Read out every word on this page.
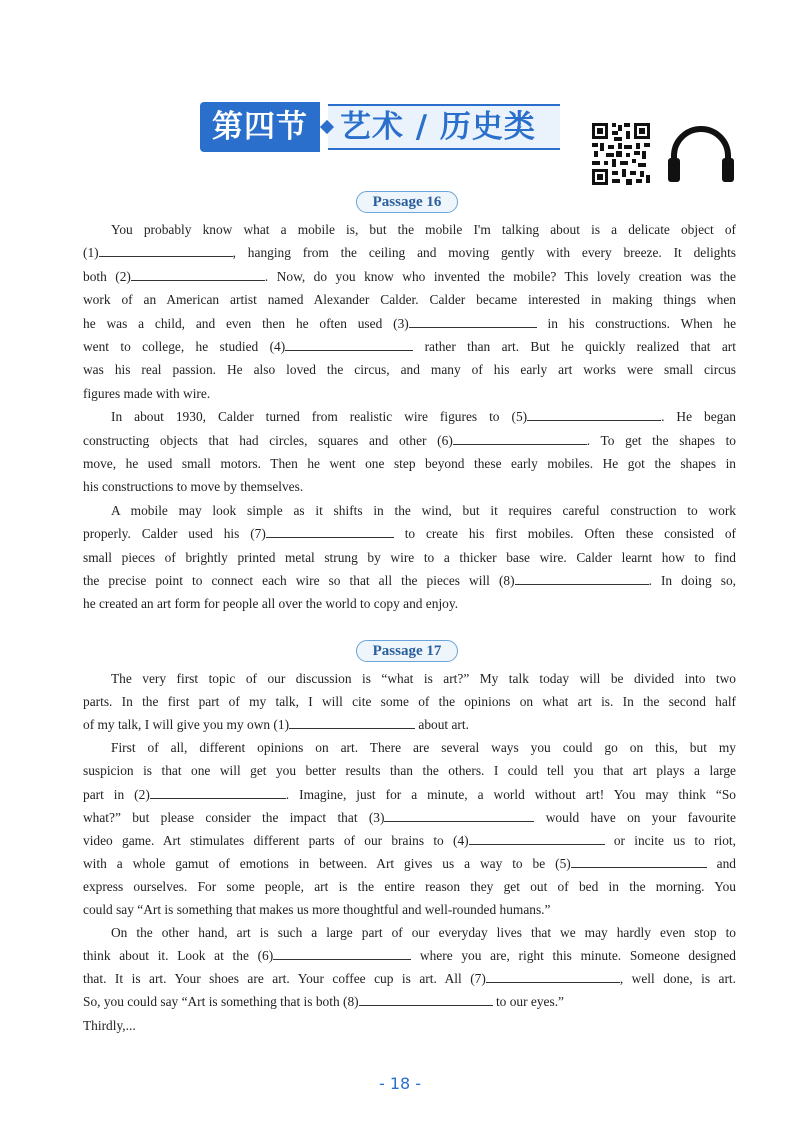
第四节	艺术 / 历史类
Passage 16
You probably know what a mobile is, but the mobile I'm talking about is a delicate object of
(1)	, hanging from the ceiling and moving gently with every breeze. It delights
both (2)	. Now, do you know who invented the mobile? This lovely creation was the
work of an American artist named Alexander Calder. Calder became interested in making things when
he was a child, and even then he often used (3)	in his constructions. When he
went to college, he studied (4)	rather than art. But he quickly realized that art
was his real passion. He also loved the circus, and many of his early art works were small circus
figures made with wire.
In about 1930, Calder turned from realistic wire figures to (5)	. He began
constructing objects that had circles, squares and other (6)	. To get the shapes to
move, he used small motors. Then he went one step beyond these early mobiles. He got the shapes in
his constructions to move by themselves.
A mobile may look simple as it shifts in the wind, but it requires careful construction to work
properly. Calder used his (7)	to create his first mobiles. Often these consisted of
small pieces of brightly printed metal strung by wire to a thicker base wire. Calder learnt how to find
the precise point to connect each wire so that all the pieces will (8)	. In doing so,
he created an art form for people all over the world to copy and enjoy.
Passage 17
The very first topic of our discussion is “what is art?” My talk today will be divided into two
parts. In the first part of my talk, I will cite some of the opinions on what art is. In the second half
of my talk, I will give you my own (1)	about art.
First of all, different opinions on art. There are several ways you could go on this, but my
suspicion is that one will get you better results than the others. I could tell you that art plays a large
part in (2)	. Imagine, just for a minute, a world without art! You may think “So
what?” but please consider the impact that (3)	would have on your favourite
video game. Art stimulates different parts of our brains to (4)	or incite us to riot,
with a whole gamut of emotions in between. Art gives us a way to be (5)	and
express ourselves. For some people, art is the entire reason they get out of bed in the morning. You
could say “Art is something that makes us more thoughtful and well-rounded humans.”
On the other hand, art is such a large part of our everyday lives that we may hardly even stop to
think about it. Look at the (6)	where you are, right this minute. Someone designed
that. It is art. Your shoes are art. Your coffee cup is art. All (7)	, well done, is art.
So, you could say “Art is something that is both (8)	to our eyes.”
Thirdly,...
- 18 -
